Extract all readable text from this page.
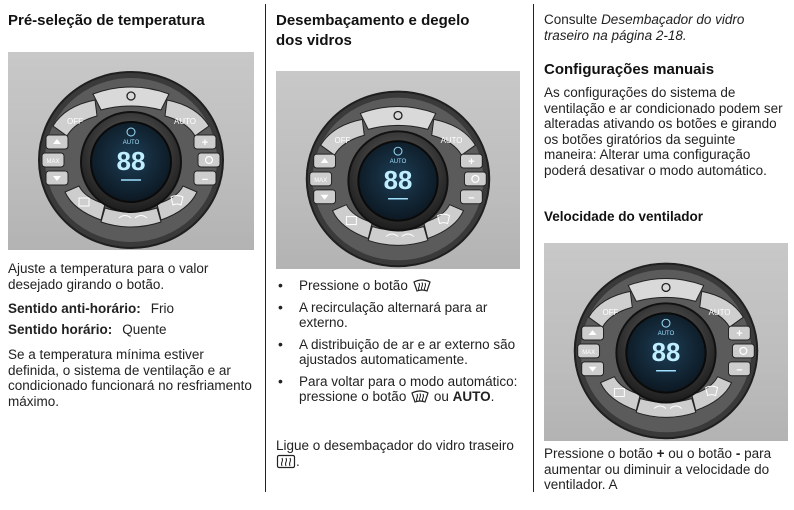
Pré-seleção de temperatura
OFF	AUTO
MAX
+
−
AUTO
88

Ajuste a temperatura para o valor desejado girando o botão.

Sentido anti-horário: Frio

Sentido horário: Quente

Se a temperatura mínima estiver definida, o sistema de ventilação e ar condicionado funcionará no resfriamento máximo.

Desembaçamento e degelo
dos vidros
OFF	AUTO
MAX
+
−
AUTO
88
• Pressione o botão
• A recirculação alternará para ar externo.
• A distribuição de ar e ar externo são ajustados automaticamente.
• Para voltar para o modo automático: pressione o botão ou AUTO.

Ligue o desembaçador do vidro traseiro .

Consulte Desembaçador do vidro traseiro na página 2-18.

Configurações manuais

As configurações do sistema de ventilação e ar condicionado podem ser alteradas ativando os botões e girando os botões giratórios da seguinte maneira: Alterar uma configuração poderá desativar o modo automático.

Velocidade do ventilador
OFF	AUTO
MAX
+
−
AUTO
88

Pressione o botão + ou o botão - para aumentar ou diminuir a velocidade do ventilador. A
